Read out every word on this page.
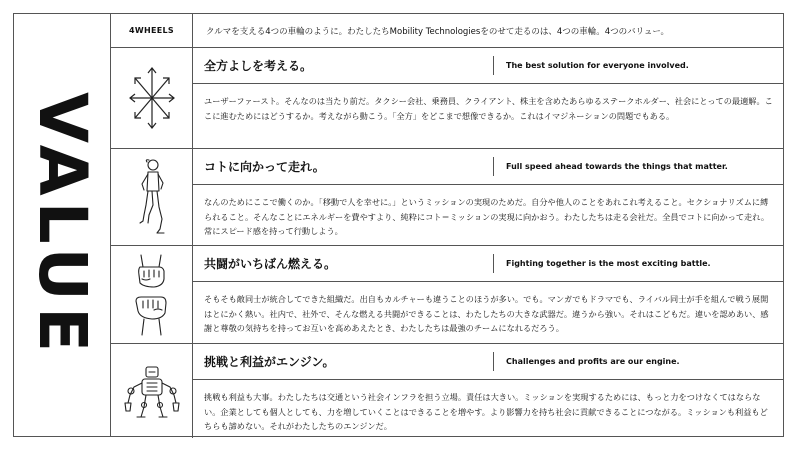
VALUE
4WHEELS	クルマを支える4つの車輪のように。わたしたちMobility Technologiesをのせて走るのは、4つの車輪。4つのバリュー。
全方よしを考える。	The best solution for everyone involved.
ユーザーファースト。そんなのは当たり前だ。タクシー会社、乗務員、クライアント、株主を含めたあらゆるステークホルダー、社会にとっての最適解。ここに進むためにはどうするか。考えながら動こう。「全方」をどこまで想像できるか。これはイマジネーションの問題でもある。
コトに向かって走れ。	Full speed ahead towards the things that matter.
なんのためにここで働くのか。「移動で人を幸せに。」というミッションの実現のためだ。自分や他人のことをあれこれ考えること。セクショナリズムに縛られること。そんなことにエネルギーを費やすより、純粋にコト＝ミッションの実現に向かおう。わたしたちは走る会社だ。全員でコトに向かって走れ。常にスピード感を持って行動しよう。
共闘がいちばん燃える。	Fighting together is the most exciting battle.
そもそも敵同士が統合してできた組織だ。出自もカルチャーも違うことのほうが多い。でも。マンガでもドラマでも、ライバル同士が手を組んで戦う展開はとにかく熱い。社内で、社外で、そんな燃える共闘ができることは、わたしたちの大きな武器だ。違うから強い。それはこどもだ。違いを認めあい、感謝と尊敬の気持ちを持ってお互いを高めあえたとき、わたしたちは最強のチームになれるだろう。
挑戦と利益がエンジン。	Challenges and profits are our engine.
挑戦も利益も大事。わたしたちは交通という社会インフラを担う立場。責任は大きい。ミッションを実現するためには、もっと力をつけなくてはならない。企業としても個人としても、力を増していくことはできることを増やす。より影響力を持ち社会に貢献できることにつながる。ミッションも利益もどちらも諦めない。それがわたしたちのエンジンだ。
